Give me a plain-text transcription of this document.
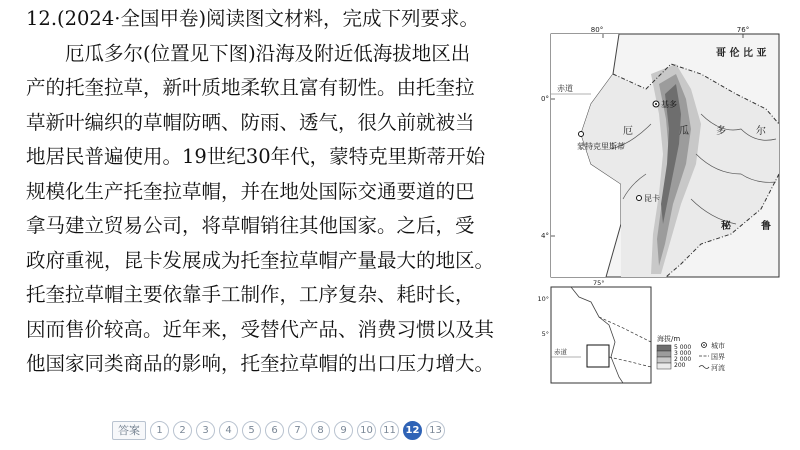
12.(2024·全国甲卷)阅读图文材料，完成下列要求。
厄瓜多尔(位置见下图)沿海及附近低海拔地区出
产的托奎拉草，新叶质地柔软且富有韧性。由托奎拉
草新叶编织的草帽防晒、防雨、透气，很久前就被当
地居民普遍使用。19世纪30年代，蒙特克里斯蒂开始
规模化生产托奎拉草帽，并在地处国际交通要道的巴
拿马建立贸易公司，将草帽销往其他国家。之后，受
政府重视，昆卡发展成为托奎拉草帽产量最大的地区。
托奎拉草帽主要依靠手工制作，工序复杂、耗时长，
因而售价较高。近年来，受替代产品、消费习惯以及其
他国家同类商品的影响，托奎拉草帽的出口压力增大。
80°	76°
0°
4°
赤道
哥 伦 比 亚
厄	瓜	多	尔
秘	鲁
基多
蒙特克里斯蒂
昆卡
75°
10°
5°
赤道
海拔/m
5 000
3 000
2 000
200
城市
国界
河流
答案	1	2	3	4	5	6	7	8	9	10	11 12 13
